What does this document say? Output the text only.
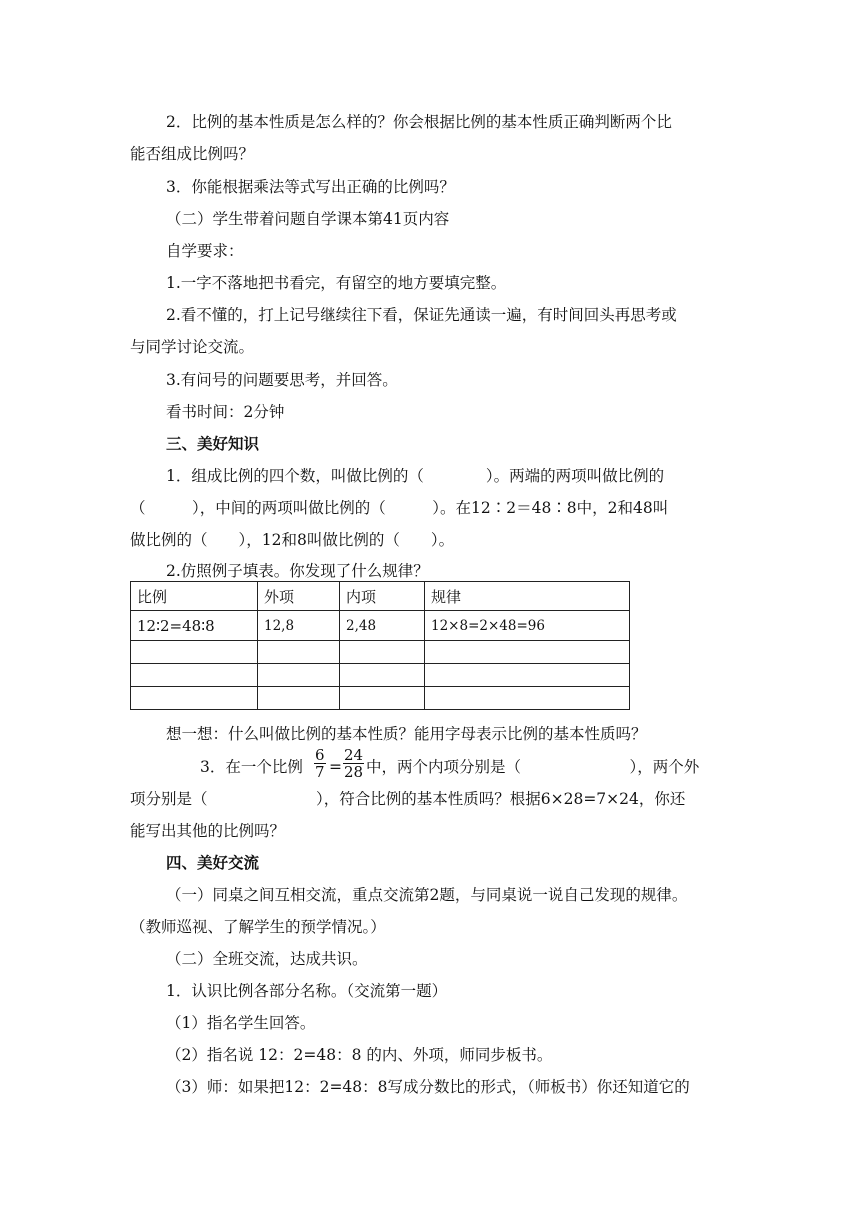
2．比例的基本性质是怎么样的？你会根据比例的基本性质正确判断两个比
能否组成比例吗？
3．你能根据乘法等式写出正确的比例吗？
（二）学生带着问题自学课本第41页内容
自学要求：
1.一字不落地把书看完，有留空的地方要填完整。
2.看不懂的，打上记号继续往下看，保证先通读一遍，有时间回头再思考或
与同学讨论交流。
3.有问号的问题要思考，并回答。
看书时间：2分钟
三、美好知识
1．组成比例的四个数，叫做比例的（　　　　）。两端的两项叫做比例的
（　　　），中间的两项叫做比例的（　　　）。在12∶2＝48∶8中，2和48叫
做比例的（　　），12和8叫做比例的（　　）。
2.仿照例子填表。你发现了什么规律？
比例	外项	内项	规律
12∶2=48∶8	12,8	2,48	12×8=2×48=96

想一想：什么叫做比例的基本性质？能用字母表示比例的基本性质吗？
3．在一个比例 $\frac{6}{7} = \frac{24}{28}$ 中，两个内项分别是（　　　　　　　），两个外
项分别是（　　　　　　　），符合比例的基本性质吗？根据6×28=7×24，你还
能写出其他的比例吗？
四、美好交流
（一）同桌之间互相交流，重点交流第2题，与同桌说一说自己发现的规律。
（教师巡视、了解学生的预学情况。）
（二）全班交流，达成共识。
1．认识比例各部分名称。（交流第一题）
（1）指名学生回答。
（2）指名说 12：2=48：8 的内、外项，师同步板书。
（3）师：如果把12：2=48：8写成分数比的形式，（师板书）你还知道它的
